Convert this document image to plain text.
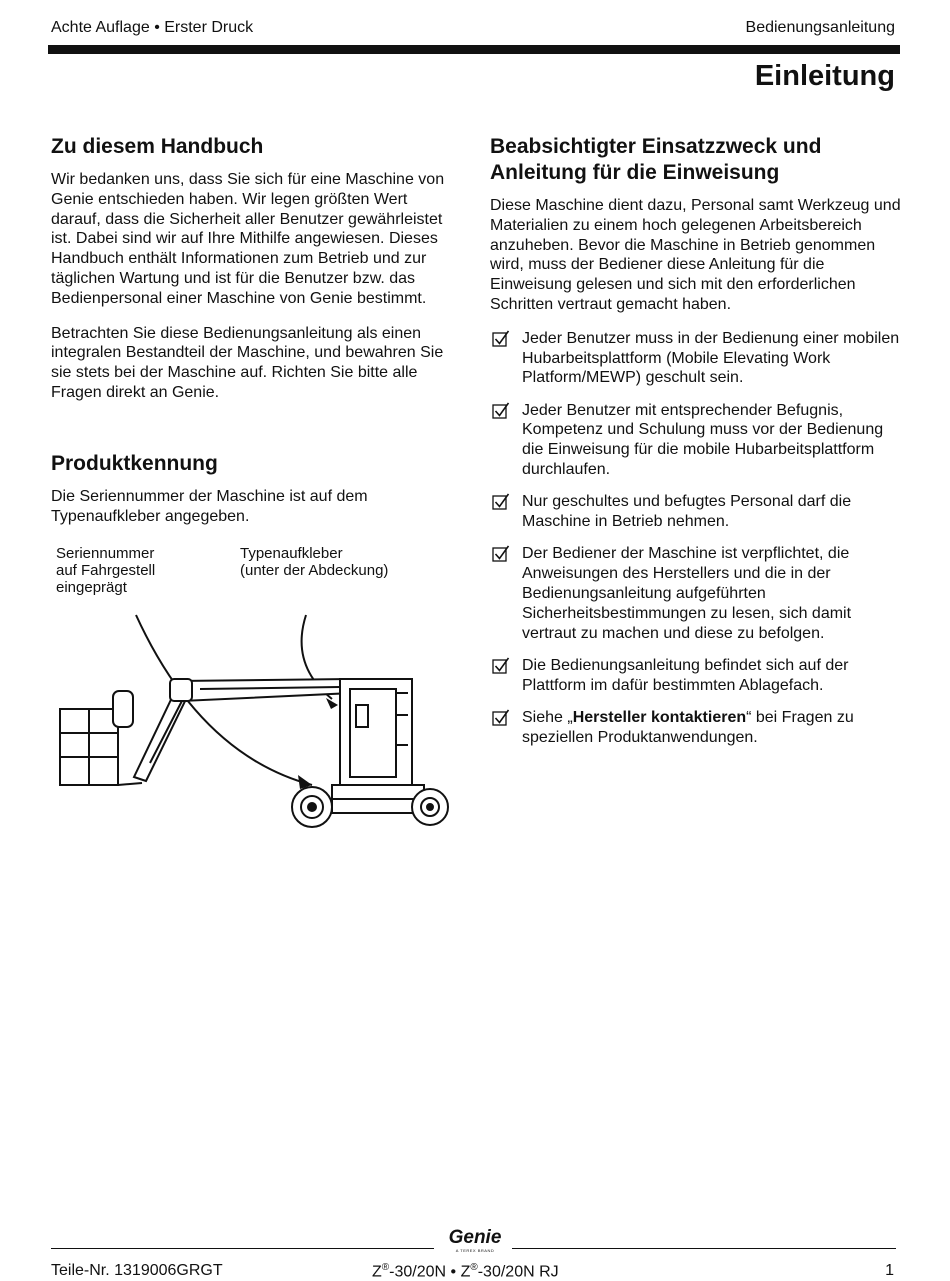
Achte Auflage • Erster Druck	Bedienungsanleitung
Einleitung
Zu diesem Handbuch

Wir bedanken uns, dass Sie sich für eine Maschine von Genie entschieden haben. Wir legen größten Wert darauf, dass die Sicherheit aller Benutzer gewährleistet ist. Dabei sind wir auf Ihre Mithilfe angewiesen. Dieses Handbuch enthält Informationen zum Betrieb und zur täglichen Wartung und ist für die Benutzer bzw. das Bedienpersonal einer Maschine von Genie bestimmt.

Betrachten Sie diese Bedienungsanleitung als einen integralen Bestandteil der Maschine, und bewahren Sie sie stets bei der Maschine auf. Richten Sie bitte alle Fragen direkt an Genie.

Produktkennung

Die Seriennummer der Maschine ist auf dem Typenaufkleber angegeben.

Seriennummer
auf Fahrgestell
eingeprägt
Typenaufkleber
(unter der Abdeckung)
Beabsichtigter Einsatzzweck und
Anleitung für die Einweisung

Diese Maschine dient dazu, Personal samt Werkzeug und Materialien zu einem hoch gelegenen Arbeitsbereich anzuheben. Bevor die Maschine in Betrieb genommen wird, muss der Bediener diese Anleitung für die Einweisung gelesen und sich mit den erforderlichen Schritten vertraut gemacht haben.

Jeder Benutzer muss in der Bedienung einer mobilen Hubarbeitsplattform (Mobile Elevating Work Platform/MEWP) geschult sein.
Jeder Benutzer mit entsprechender Befugnis, Kompetenz und Schulung muss vor der Bedienung die Einweisung für die mobile Hubarbeitsplattform durchlaufen.
Nur geschultes und befugtes Personal darf die Maschine in Betrieb nehmen.
Der Bediener der Maschine ist verpflichtet, die Anweisungen des Herstellers und die in der Bedienungsanleitung aufgeführten Sicherheitsbestimmungen zu lesen, sich damit vertraut zu machen und diese zu befolgen.
Die Bedienungsanleitung befindet sich auf der Plattform im dafür bestimmten Ablagefach.
Siehe „Hersteller kontaktieren“ bei Fragen zu speziellen Produktanwendungen.
Genie
A TEREX BRAND
Teile-Nr. 1319006GRGT	Z®-30/20N • Z®-30/20N RJ	1
